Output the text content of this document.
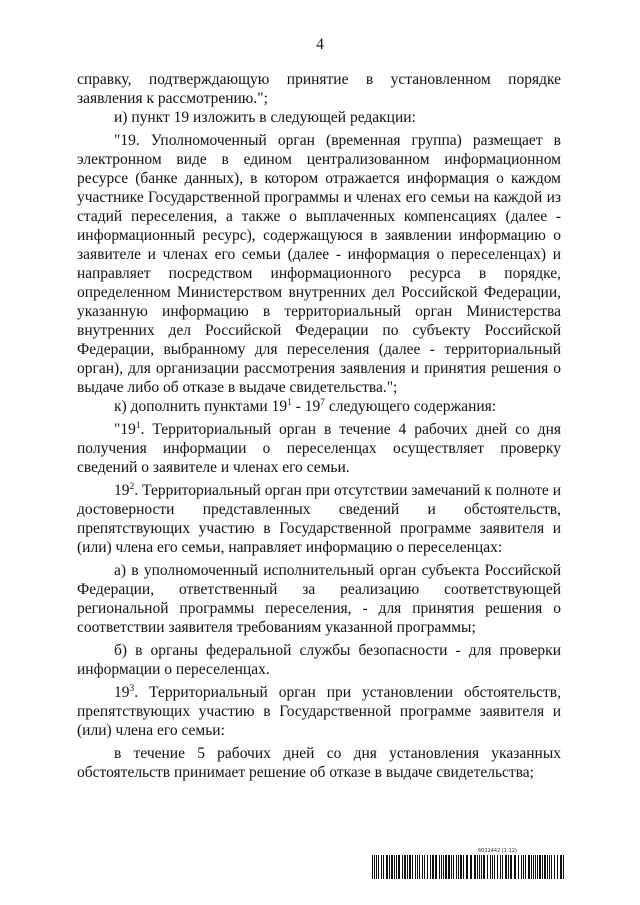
4

справку, подтверждающую принятие в установленном порядке заявления к рассмотрению.";

и) пункт 19 изложить в следующей редакции:

"19. Уполномоченный орган (временная группа) размещает в электронном виде в едином централизованном информационном ресурсе (банке данных), в котором отражается информация о каждом участнике Государственной программы и членах его семьи на каждой из стадий переселения, а также о выплаченных компенсациях (далее - информационный ресурс), содержащуюся в заявлении информацию о заявителе и членах его семьи (далее - информация о переселенцах) и направляет посредством информационного ресурса в порядке, определенном Министерством внутренних дел Российской Федерации, указанную информацию в территориальный орган Министерства внутренних дел Российской Федерации по субъекту Российской Федерации, выбранному для переселения (далее - территориальный орган), для организации рассмотрения заявления и принятия решения о выдаче либо об отказе в выдаче свидетельства.";

к) дополнить пунктами $19^1 - 19^7$ следующего содержания:

"$19^1$. Территориальный орган в течение 4 рабочих дней со дня получения информации о переселенцах осуществляет проверку сведений о заявителе и членах его семьи.

$19^2$. Территориальный орган при отсутствии замечаний к полноте и достоверности представленных сведений и обстоятельств, препятствующих участию в Государственной программе заявителя и (или) члена его семьи, направляет информацию о переселенцах:

а) в уполномоченный исполнительный орган субъекта Российской Федерации, ответственный за реализацию соответствующей региональной программы переселения, - для принятия решения о соответствии заявителя требованиям указанной программы;

б) в органы федеральной службы безопасности - для проверки информации о переселенцах.

$19^3$. Территориальный орган при установлении обстоятельств, препятствующих участию в Государственной программе заявителя и (или) члена его семьи:

в течение 5 рабочих дней со дня установления указанных обстоятельств принимает решение об отказе в выдаче свидетельства;

6032442 (1.12)
